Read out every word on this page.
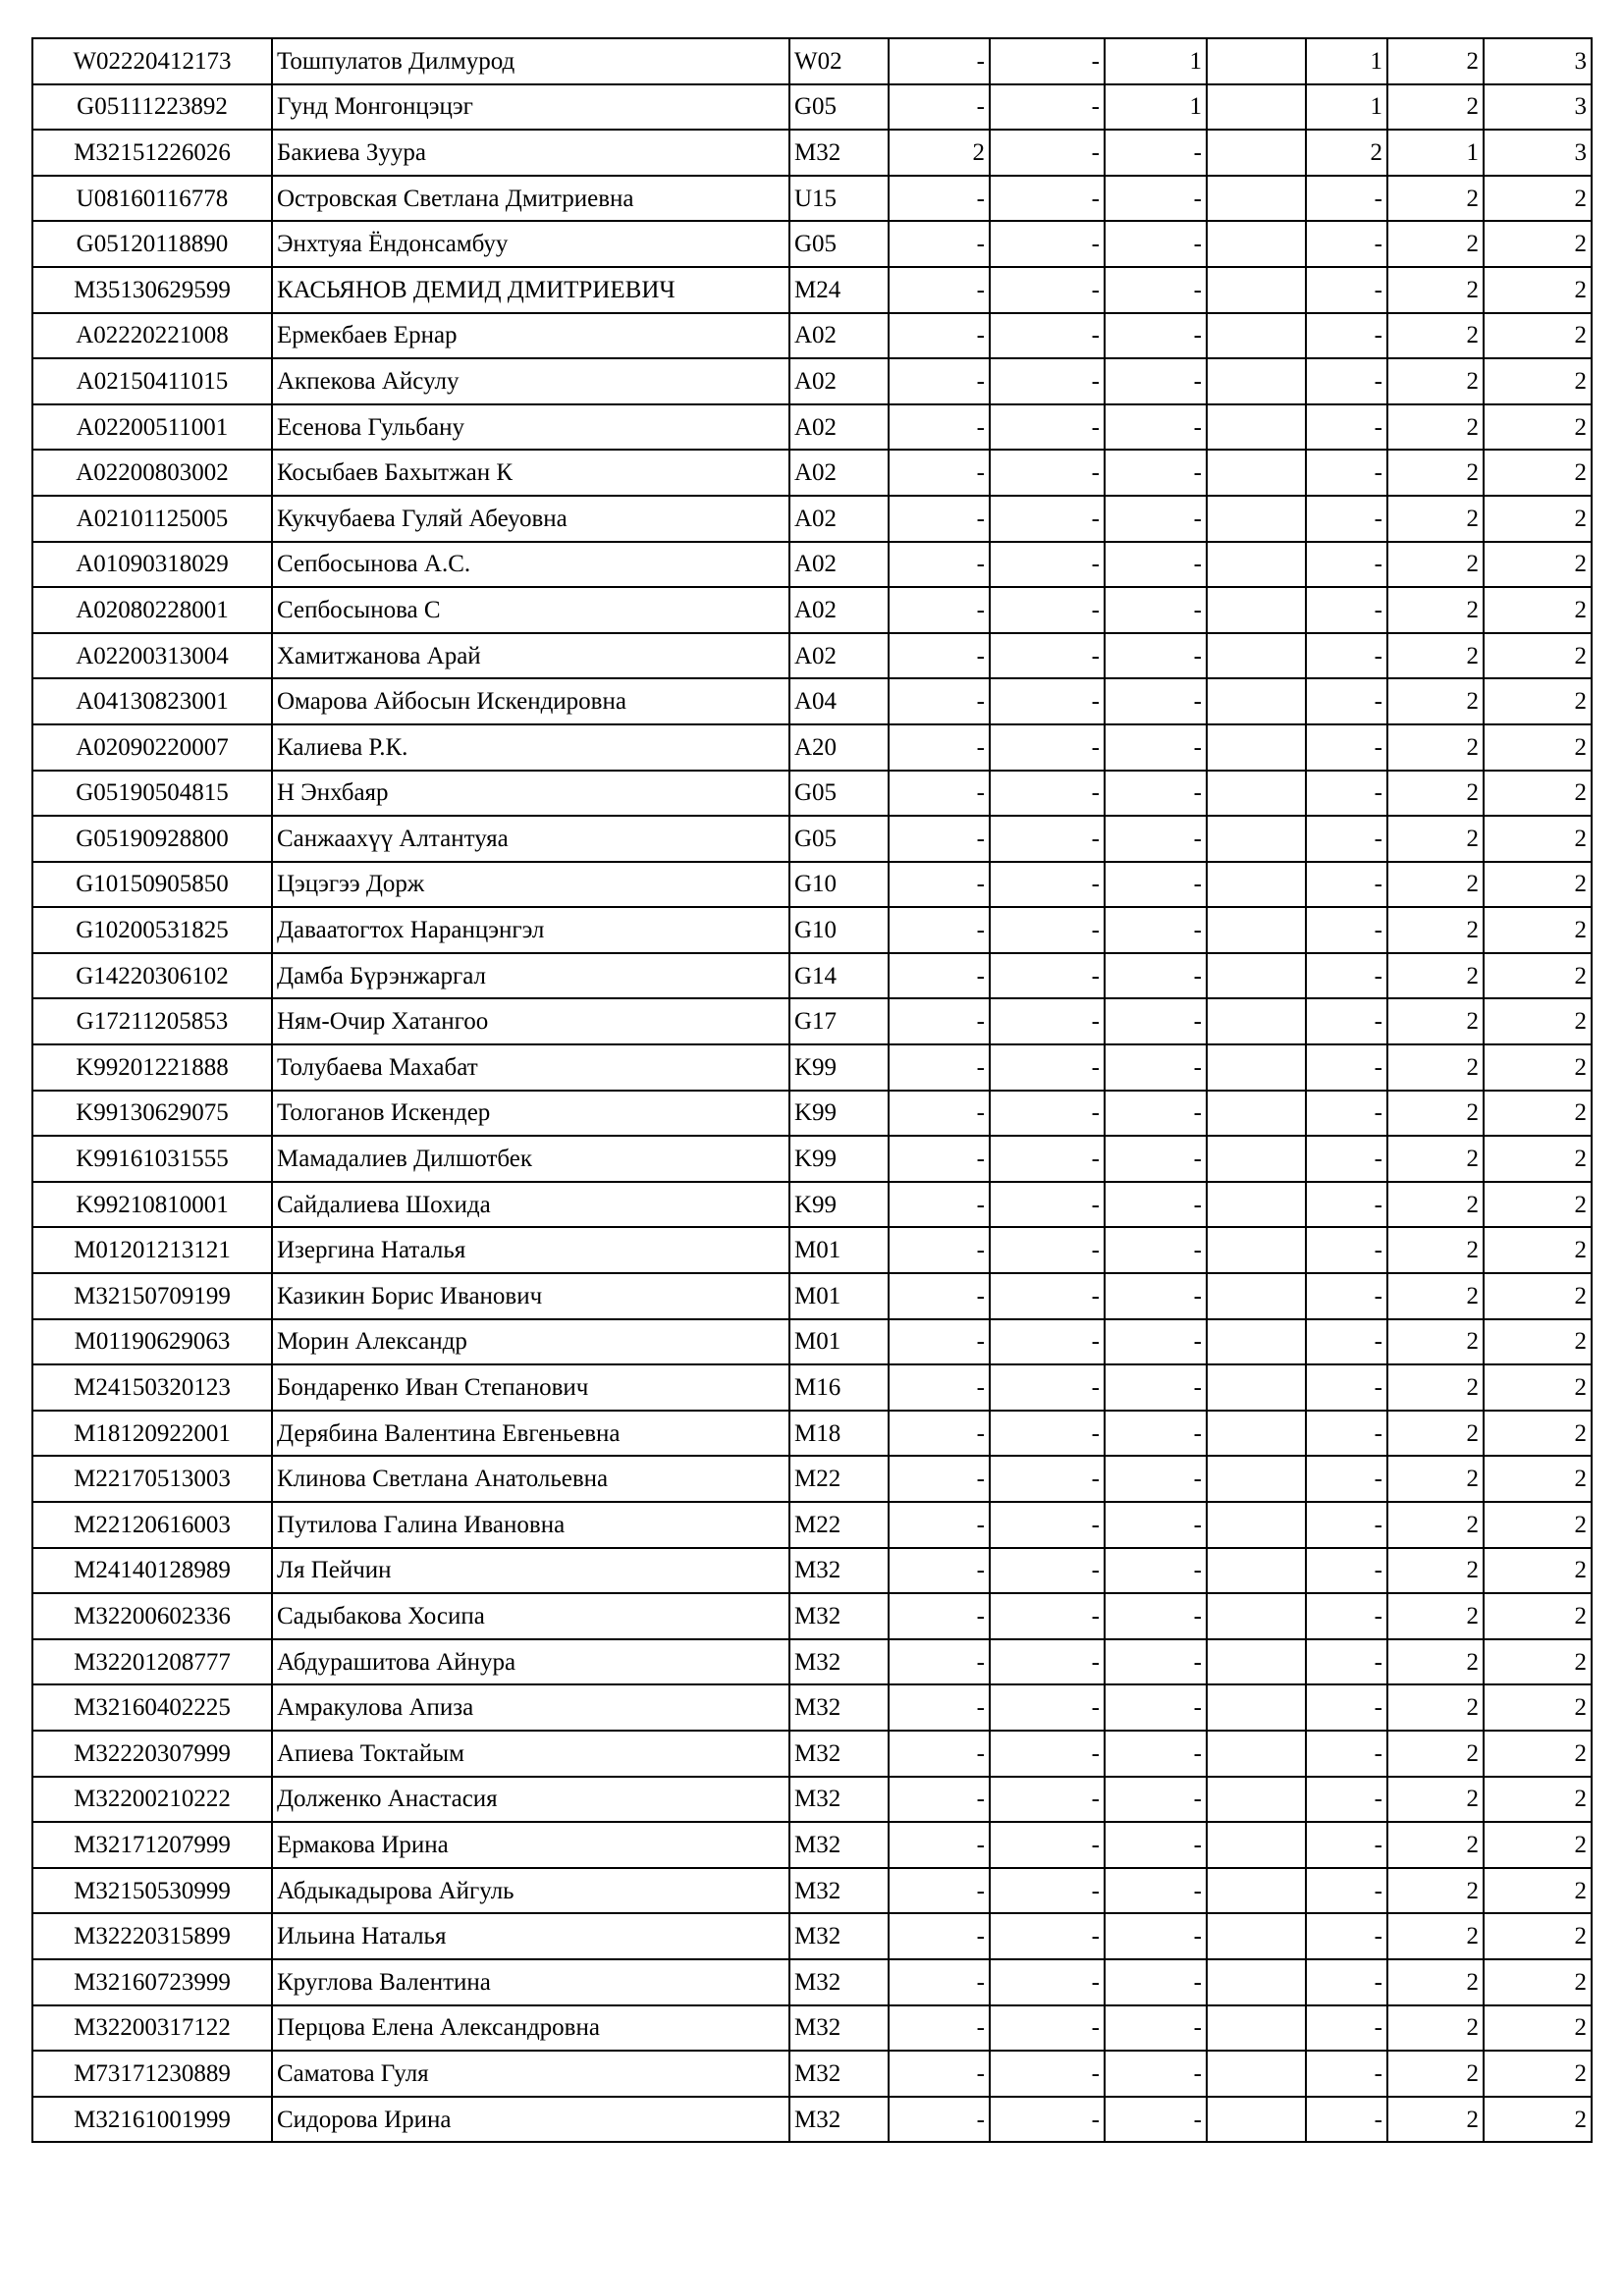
W02220412173	Тошпулатов Дилмурод	W02	-	-	1		1	2	3
G05111223892	Гунд Монгонцэцэг	G05	-	-	1		1	2	3
M32151226026	Бакиева Зуура	M32	2	-	-		2	1	3
U08160116778	Островская Светлана Дмитриевна	U15	-	-	-		-	2	2
G05120118890	Энхтуяа Ёндонсамбуу	G05	-	-	-		-	2	2
M35130629599	КАСЬЯНОВ ДЕМИД ДМИТРИЕВИЧ	M24	-	-	-		-	2	2
A02220221008	Ермекбаев Ернар	A02	-	-	-		-	2	2
A02150411015	Акпекова Айсулу	A02	-	-	-		-	2	2
A02200511001	Есенова Гульбану	A02	-	-	-		-	2	2
A02200803002	Косыбаев Бахытжан К	A02	-	-	-		-	2	2
A02101125005	Кукчубаева Гуляй Абеуовна	A02	-	-	-		-	2	2
A01090318029	Сепбосынова А.С.	A02	-	-	-		-	2	2
A02080228001	Сепбосынова С	A02	-	-	-		-	2	2
A02200313004	Хамитжанова Арай	A02	-	-	-		-	2	2
A04130823001	Омарова Айбосын Искендировна	A04	-	-	-		-	2	2
A02090220007	Калиева Р.К.	A20	-	-	-		-	2	2
G05190504815	Н Энхбаяр	G05	-	-	-		-	2	2
G05190928800	Санжаахүү Алтантуяа	G05	-	-	-		-	2	2
G10150905850	Цэцэгээ Дорж	G10	-	-	-		-	2	2
G10200531825	Даваатогтох Наранцэнгэл	G10	-	-	-		-	2	2
G14220306102	Дамба Бүрэнжаргал	G14	-	-	-		-	2	2
G17211205853	Ням-Очир Хатангоо	G17	-	-	-		-	2	2
K99201221888	Толубаева Махабат	K99	-	-	-		-	2	2
K99130629075	Тологанов Искендер	K99	-	-	-		-	2	2
K99161031555	Мамадалиев Дилшотбек	K99	-	-	-		-	2	2
K99210810001	Сайдалиева Шохида	K99	-	-	-		-	2	2
M01201213121	Изергина Наталья	M01	-	-	-		-	2	2
M32150709199	Казикин Борис Иванович	M01	-	-	-		-	2	2
M01190629063	Морин Александр	M01	-	-	-		-	2	2
M24150320123	Бондаренко Иван Степанович	M16	-	-	-		-	2	2
M18120922001	Дерябина Валентина Евгеньевна	M18	-	-	-		-	2	2
M22170513003	Клинова Светлана Анатольевна	M22	-	-	-		-	2	2
M22120616003	Путилова Галина Ивановна	M22	-	-	-		-	2	2
M24140128989	Ля Пейчин	M32	-	-	-		-	2	2
M32200602336	Садыбакова Хосипа	M32	-	-	-		-	2	2
M32201208777	Абдурашитова Айнура	M32	-	-	-		-	2	2
M32160402225	Амракулова Апиза	M32	-	-	-		-	2	2
M32220307999	Апиева Toктайым	M32	-	-	-		-	2	2
M32200210222	Долженко Анастасия	M32	-	-	-		-	2	2
M32171207999	Ермакова Ирина	M32	-	-	-		-	2	2
M32150530999	Абдыкадырова Айгуль	M32	-	-	-		-	2	2
M32220315899	Ильина Наталья	M32	-	-	-		-	2	2
M32160723999	Круглова Валентина	M32	-	-	-		-	2	2
M32200317122	Перцова Елена Александровна	M32	-	-	-		-	2	2
M73171230889	Саматова Гуля	M32	-	-	-		-	2	2
M32161001999	Сидорова Ирина	M32	-	-	-		-	2	2
